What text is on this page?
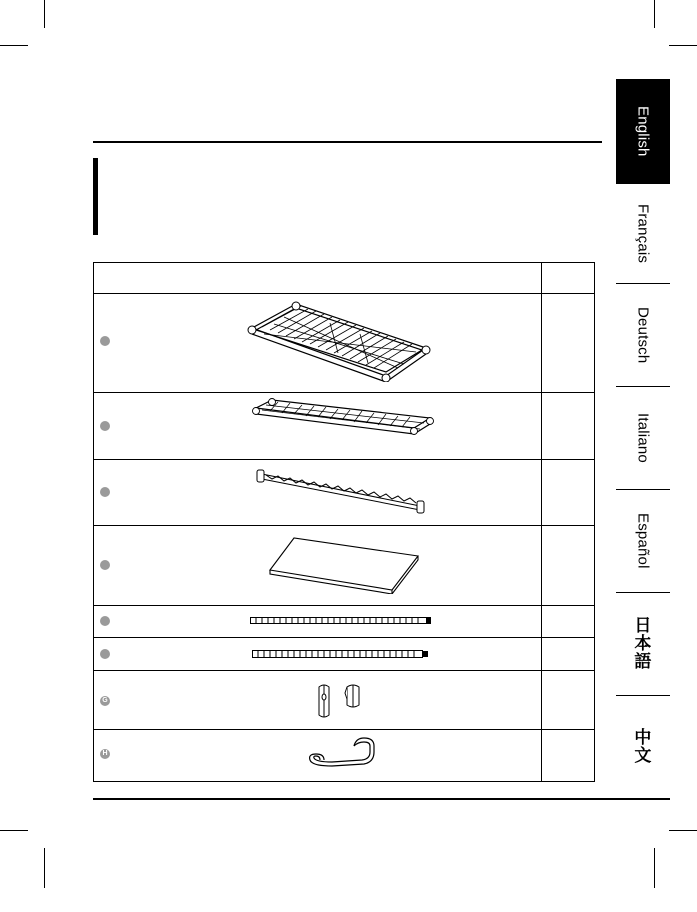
G
H
English
Français
Deutsch
Italiano
Español
日
本
語
中
文
